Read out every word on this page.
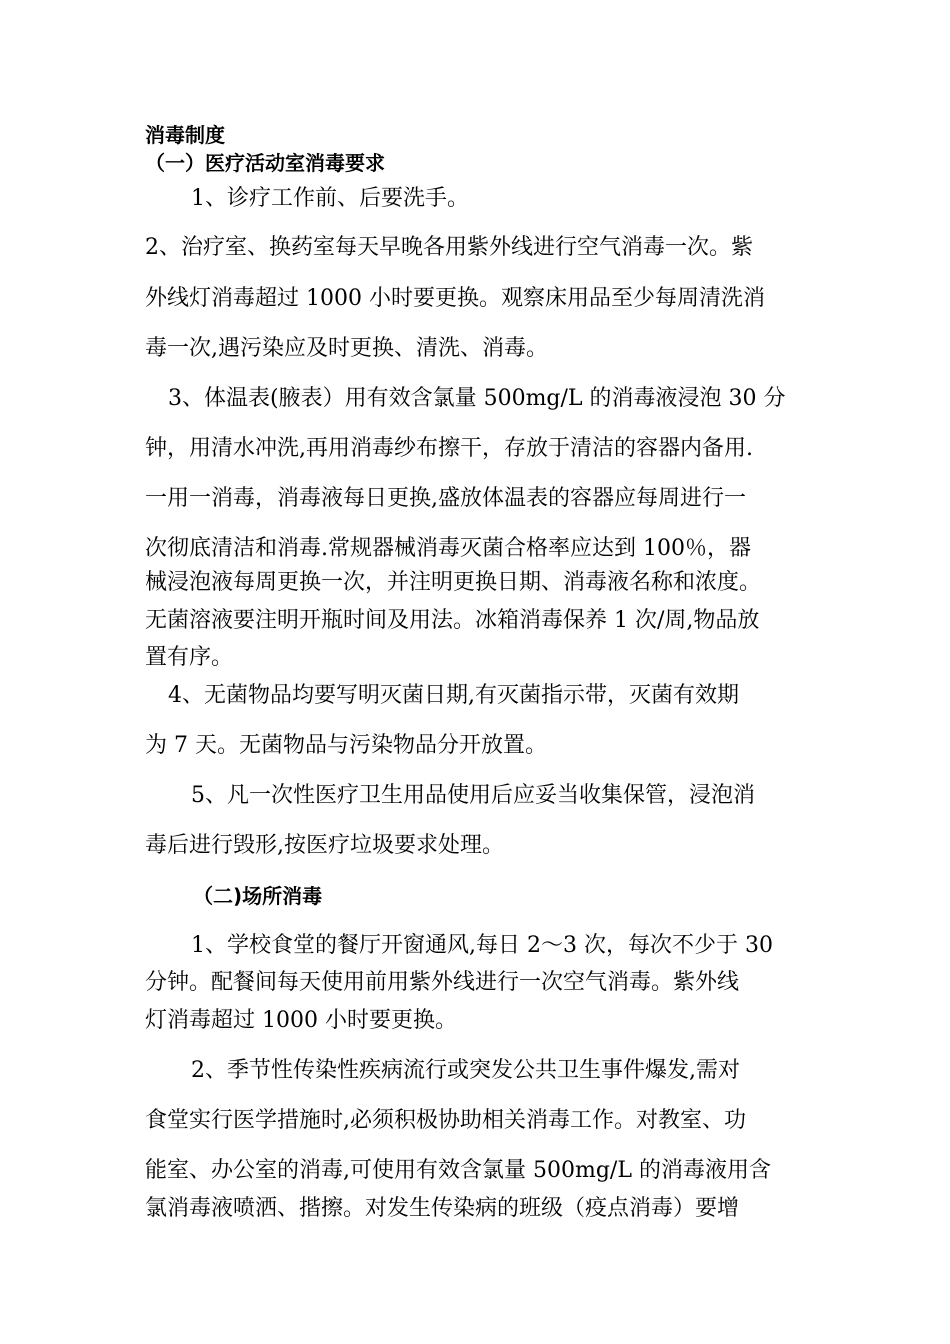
消毒制度
（一）医疗活动室消毒要求
1、诊疗工作前、后要洗手。
2、治疗室、换药室每天早晚各用紫外线进行空气消毒一次。紫
外线灯消毒超过 1000 小时要更换。观察床用品至少每周清洗消
毒一次,遇污染应及时更换、清洗、消毒。
3、体温表(腋表）用有效含氯量 500mg/L 的消毒液浸泡 30 分
钟，用清水冲洗,再用消毒纱布擦干，存放于清洁的容器内备用.
一用一消毒，消毒液每日更换,盛放体温表的容器应每周进行一
次彻底清洁和消毒.常规器械消毒灭菌合格率应达到 100％，器
械浸泡液每周更换一次，并注明更换日期、消毒液名称和浓度。
无菌溶液要注明开瓶时间及用法。冰箱消毒保养 1 次/周,物品放
置有序。
4、无菌物品均要写明灭菌日期,有灭菌指示带，灭菌有效期
为 7 天。无菌物品与污染物品分开放置。
5、凡一次性医疗卫生用品使用后应妥当收集保管，浸泡消
毒后进行毁形,按医疗垃圾要求处理。
（二)场所消毒
1、学校食堂的餐厅开窗通风,每日 2～3 次，每次不少于 30
分钟。配餐间每天使用前用紫外线进行一次空气消毒。紫外线
灯消毒超过 1000 小时要更换。
2、季节性传染性疾病流行或突发公共卫生事件爆发,需对
食堂实行医学措施时,必须积极协助相关消毒工作。对教室、功
能室、办公室的消毒,可使用有效含氯量 500mg/L 的消毒液用含
氯消毒液喷洒、揩擦。对发生传染病的班级（疫点消毒）要增
